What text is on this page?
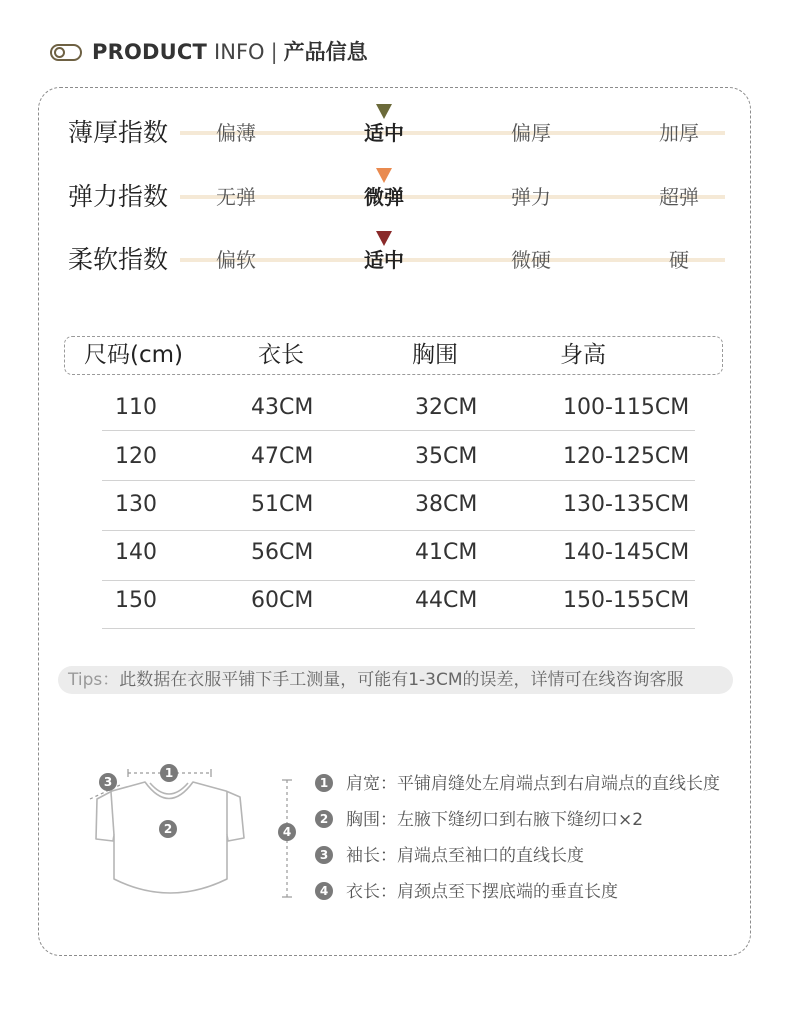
PRODUCT INFO | 产品信息
薄厚指数	偏薄	适中	偏厚	加厚
弹力指数	无弹	微弹	弹力	超弹
柔软指数	偏软	适中	微硬	硬
尺码(cm)	衣长	胸围	身高
110	43CM	32CM	100-115CM
120	47CM	35CM	120-125CM
130	51CM	38CM	130-135CM
140	56CM	41CM	140-145CM
150	60CM	44CM	150-155CM
Tips：此数据在衣服平铺下手工测量，可能有1-3CM的误差，详情可在线咨询客服
1
2
3
4
1 肩宽：平铺肩缝处左肩端点到右肩端点的直线长度
2 胸围：左腋下缝纫口到右腋下缝纫口×2
3 袖长：肩端点至袖口的直线长度
4 衣长：肩颈点至下摆底端的垂直长度
